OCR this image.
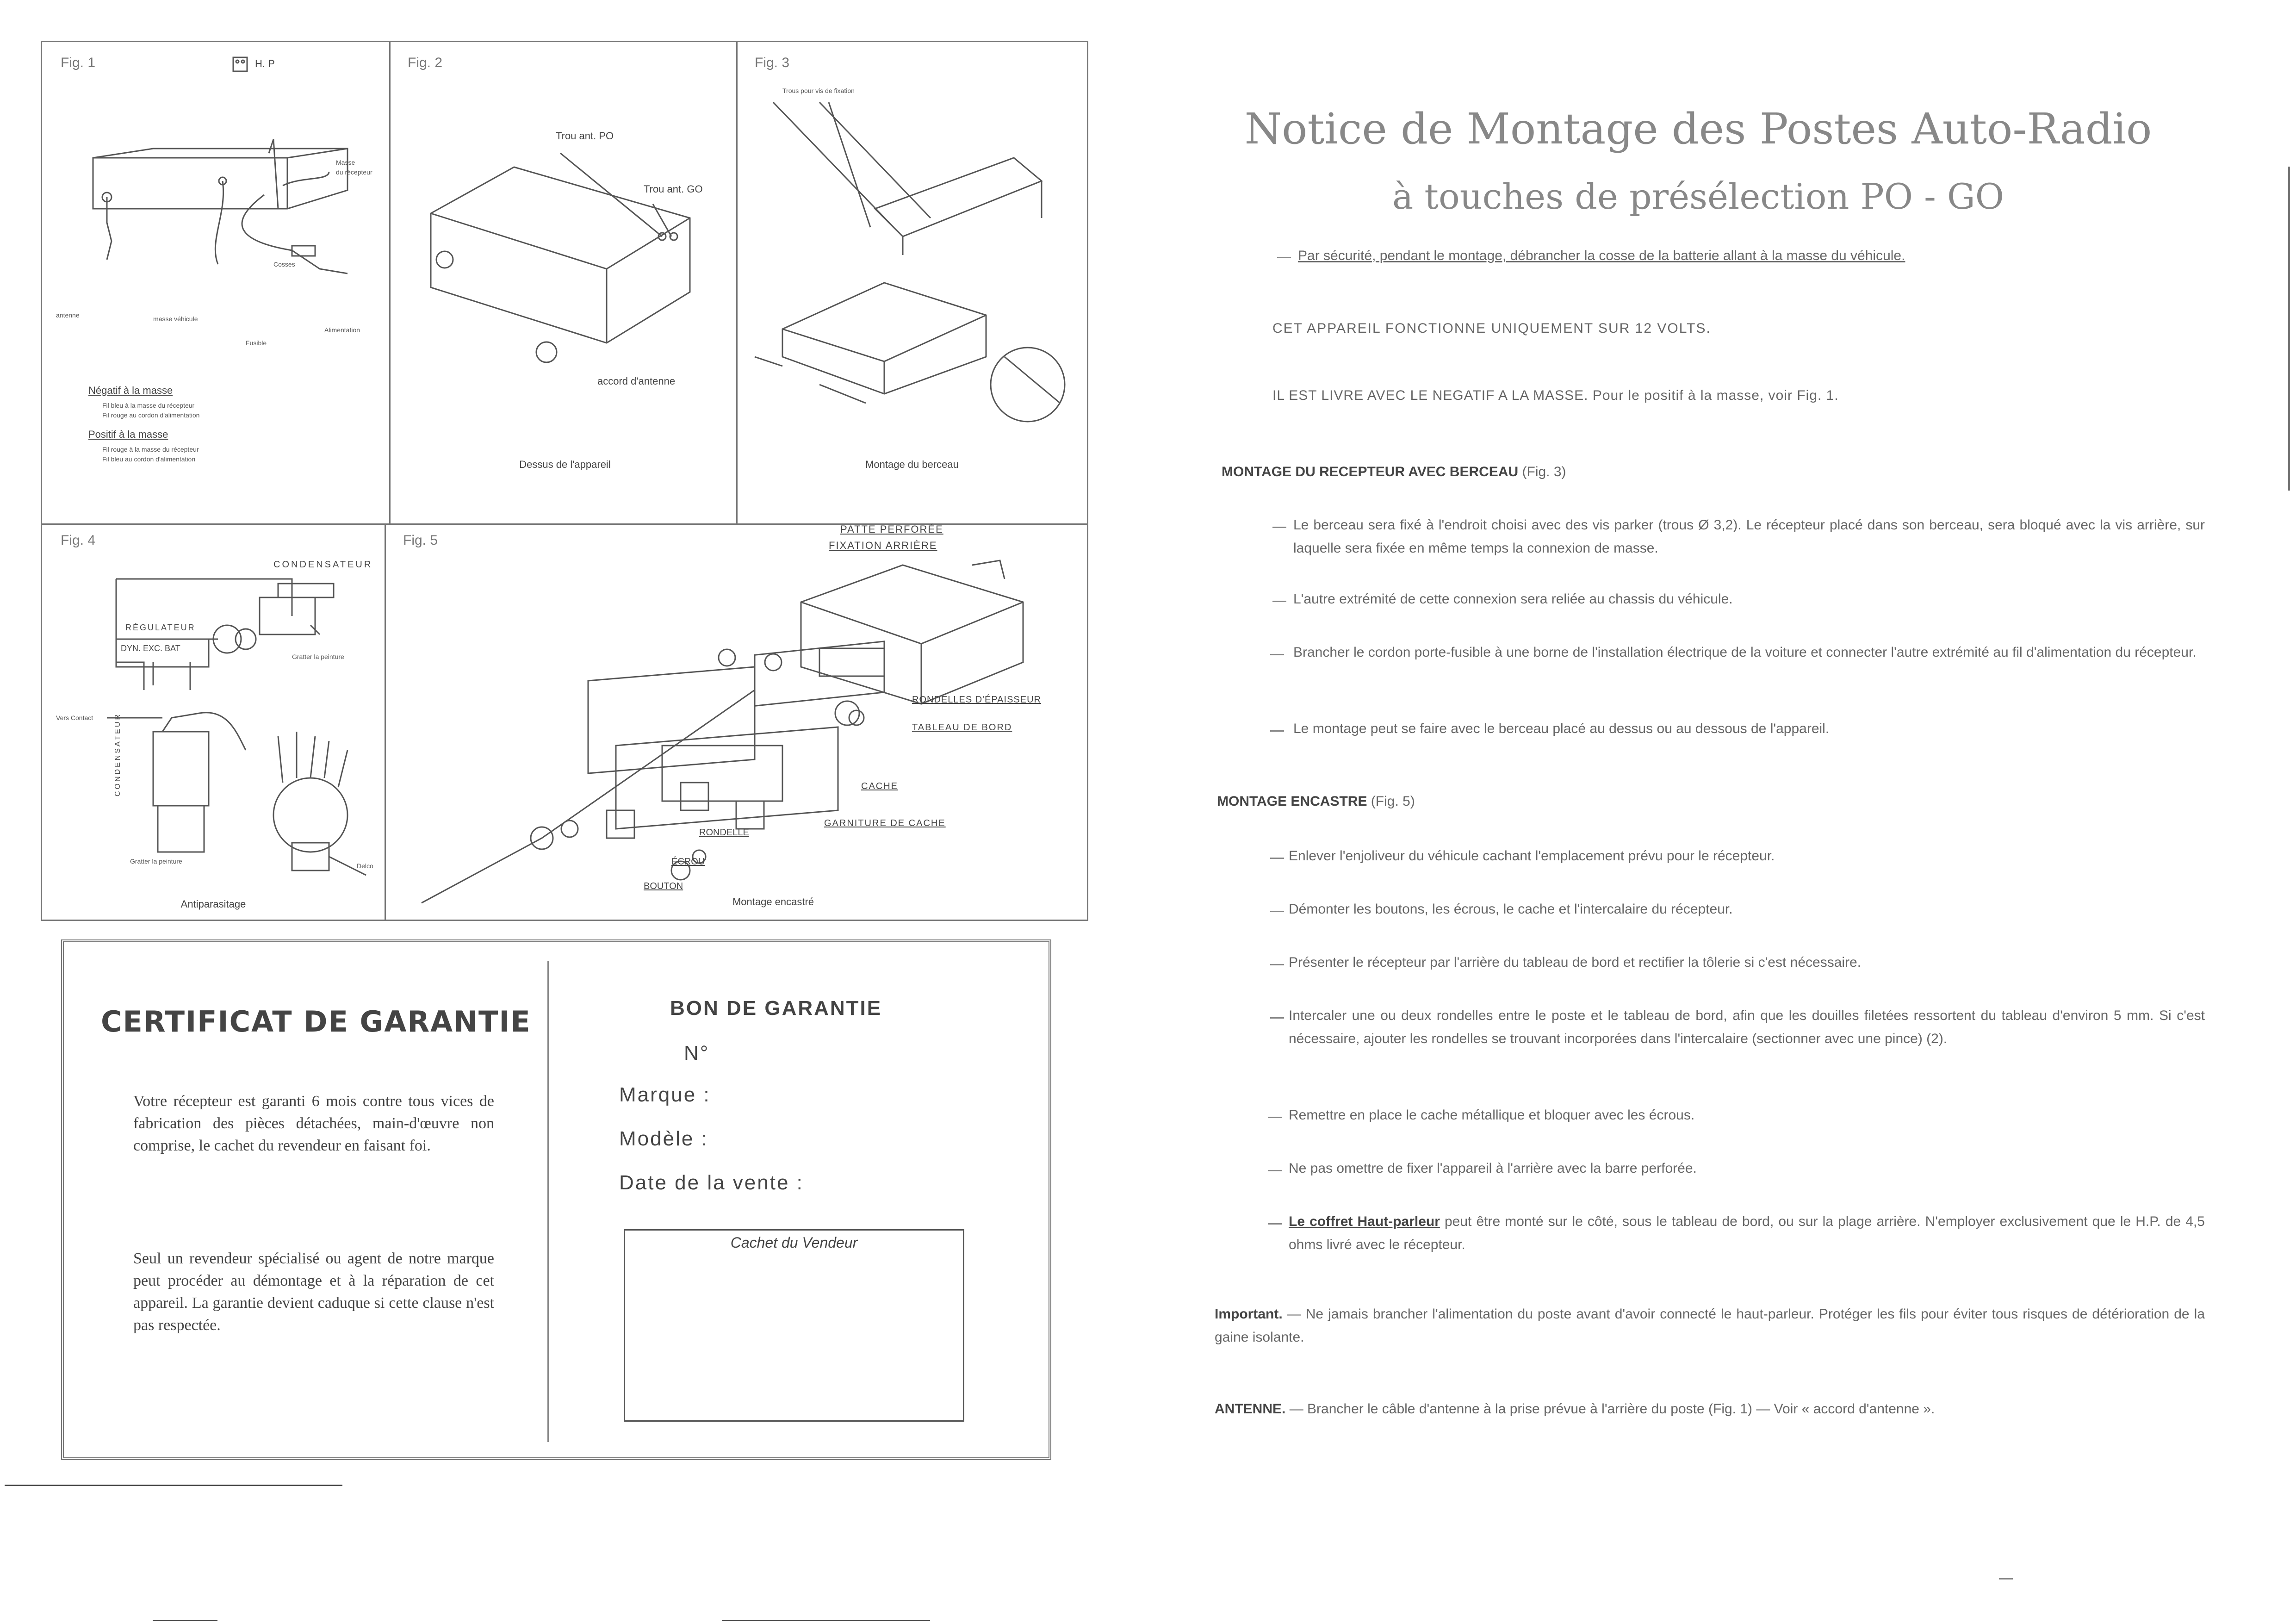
Fig. 1	H. P
Masse
du récepteur
Cosses
antenne	masse véhicule
Fusible
Alimentation
Négatif à la masse
Fil bleu à la masse du récepteur
Fil rouge au cordon d'alimentation
Positif à la masse
Fil rouge à la masse du récepteur
Fil bleu au cordon d'alimentation
Fig. 2
Trou ant. PO
Trou ant. GO
accord d'antenne
Dessus de l'appareil
Fig. 3
Trous pour vis de fixation
Montage du berceau
Fig. 4
CONDENSATEUR
RÉGULATEUR
DYN. EXC. BAT
Gratter la peinture
Vers Contact	CONDENSATEUR
Gratter la peinture
Delco
Antiparasitage
Fig. 5
PATTE PERFORÉE
FIXATION ARRIÈRE
RONDELLES D'ÉPAISSEUR
TABLEAU DE BORD
CACHE
GARNITURE DE CACHE
RONDELLE
ÉCROU
BOUTON
Montage encastré
CERTIFICAT DE GARANTIE
Votre récepteur est garanti 6 mois contre tous vices de fabrication des pièces détachées, main-d'œuvre non comprise, le cachet du revendeur en faisant foi.
Seul un revendeur spécialisé ou agent de notre marque peut procéder au démontage et à la réparation de cet appareil. La garantie devient caduque si cette clause n'est pas respectée.
BON DE GARANTIE
N°
Marque :
Modèle :
Date de la vente :
Cachet du Vendeur
Notice de Montage des Postes Auto-Radio
à touches de présélection PO - GO
Par sécurité, pendant le montage, débrancher la cosse de la batterie allant à la masse du véhicule.
CET APPAREIL FONCTIONNE UNIQUEMENT SUR 12 VOLTS.
IL EST LIVRE AVEC LE NEGATIF A LA MASSE. Pour le positif à la masse, voir Fig. 1.
MONTAGE DU RECEPTEUR AVEC BERCEAU (Fig. 3)
Le berceau sera fixé à l'endroit choisi avec des vis parker (trous Ø 3,2). Le récepteur placé dans son berceau, sera bloqué avec la vis arrière, sur laquelle sera fixée en même temps la connexion de masse.
L'autre extrémité de cette connexion sera reliée au chassis du véhicule.
Brancher le cordon porte-fusible à une borne de l'installation électrique de la voiture et connecter l'autre extrémité au fil d'alimentation du récepteur.
Le montage peut se faire avec le berceau placé au dessus ou au dessous de l'appareil.
MONTAGE ENCASTRE (Fig. 5)
Enlever l'enjoliveur du véhicule cachant l'emplacement prévu pour le récepteur.
Démonter les boutons, les écrous, le cache et l'intercalaire du récepteur.
Présenter le récepteur par l'arrière du tableau de bord et rectifier la tôlerie si c'est nécessaire.
Intercaler une ou deux rondelles entre le poste et le tableau de bord, afin que les douilles filetées ressortent du tableau d'environ 5 mm. Si c'est nécessaire, ajouter les rondelles se trouvant incorporées dans l'intercalaire (sectionner avec une pince) (2).
Remettre en place le cache métallique et bloquer avec les écrous.
Ne pas omettre de fixer l'appareil à l'arrière avec la barre perforée.
Le coffret Haut-parleur peut être monté sur le côté, sous le tableau de bord, ou sur la plage arrière. N'employer exclusivement que le H.P. de 4,5 ohms livré avec le récepteur.
Important. — Ne jamais brancher l'alimentation du poste avant d'avoir connecté le haut-parleur. Protéger les fils pour éviter tous risques de détérioration de la gaine isolante.
ANTENNE. — Brancher le câble d'antenne à la prise prévue à l'arrière du poste (Fig. 1) — Voir « accord d'antenne ».
